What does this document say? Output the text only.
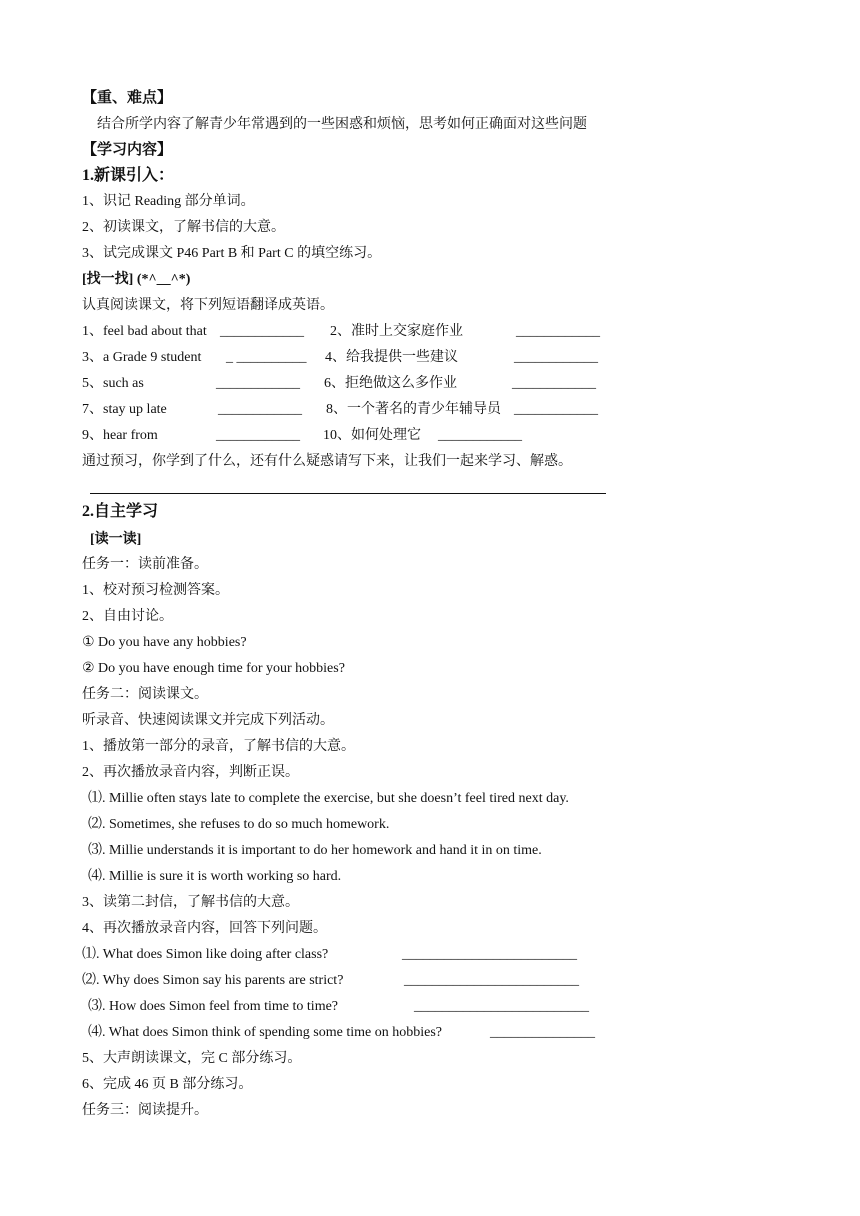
【重、难点】
结合所学内容了解青少年常遇到的一些困惑和烦恼，思考如何正确面对这些问题
【学习内容】
1.新课引入：
1、识记 Reading 部分单词。
2、初读课文，了解书信的大意。
3、试完成课文 P46 Part B 和 Part C 的填空练习。
[找一找] (*^__^*)
认真阅读课文，将下列短语翻译成英语。
1、feel bad about that ____________ 2、准时上交家庭作业	____________
3、a Grade 9 student _ __________ 4、给我提供一些建议	____________
5、such as	____________ 6、拒绝做这么多作业	____________
7、stay up late	____________ 8、一个著名的青少年辅导员 ____________
9、hear from	____________ 10、如何处理它 ____________
通过预习，你学到了什么，还有什么疑惑请写下来，让我们一起来学习、解惑。
2.自主学习
[读一读]
任务一：读前准备。
1、校对预习检测答案。
2、自由讨论。
① Do you have any hobbies?
② Do you have enough time for your hobbies?
任务二：阅读课文。
听录音、快速阅读课文并完成下列活动。
1、播放第一部分的录音，了解书信的大意。
2、再次播放录音内容，判断正误。
⑴. Millie often stays late to complete the exercise, but she doesn’t feel tired next day.
⑵. Sometimes, she refuses to do so much homework.
⑶. Millie understands it is important to do her homework and hand it in on time.
⑷. Millie is sure it is worth working so hard.
3、读第二封信，了解书信的大意。
4、再次播放录音内容，回答下列问题。
⑴. What does Simon like doing after class?	_________________________
⑵. Why does Simon say his parents are strict?	_________________________
⑶. How does Simon feel from time to time?	_________________________
⑷. What does Simon think of spending some time on hobbies?	_______________
5、大声朗读课文，完 C 部分练习。
6、完成 46 页 B 部分练习。
任务三：阅读提升。
